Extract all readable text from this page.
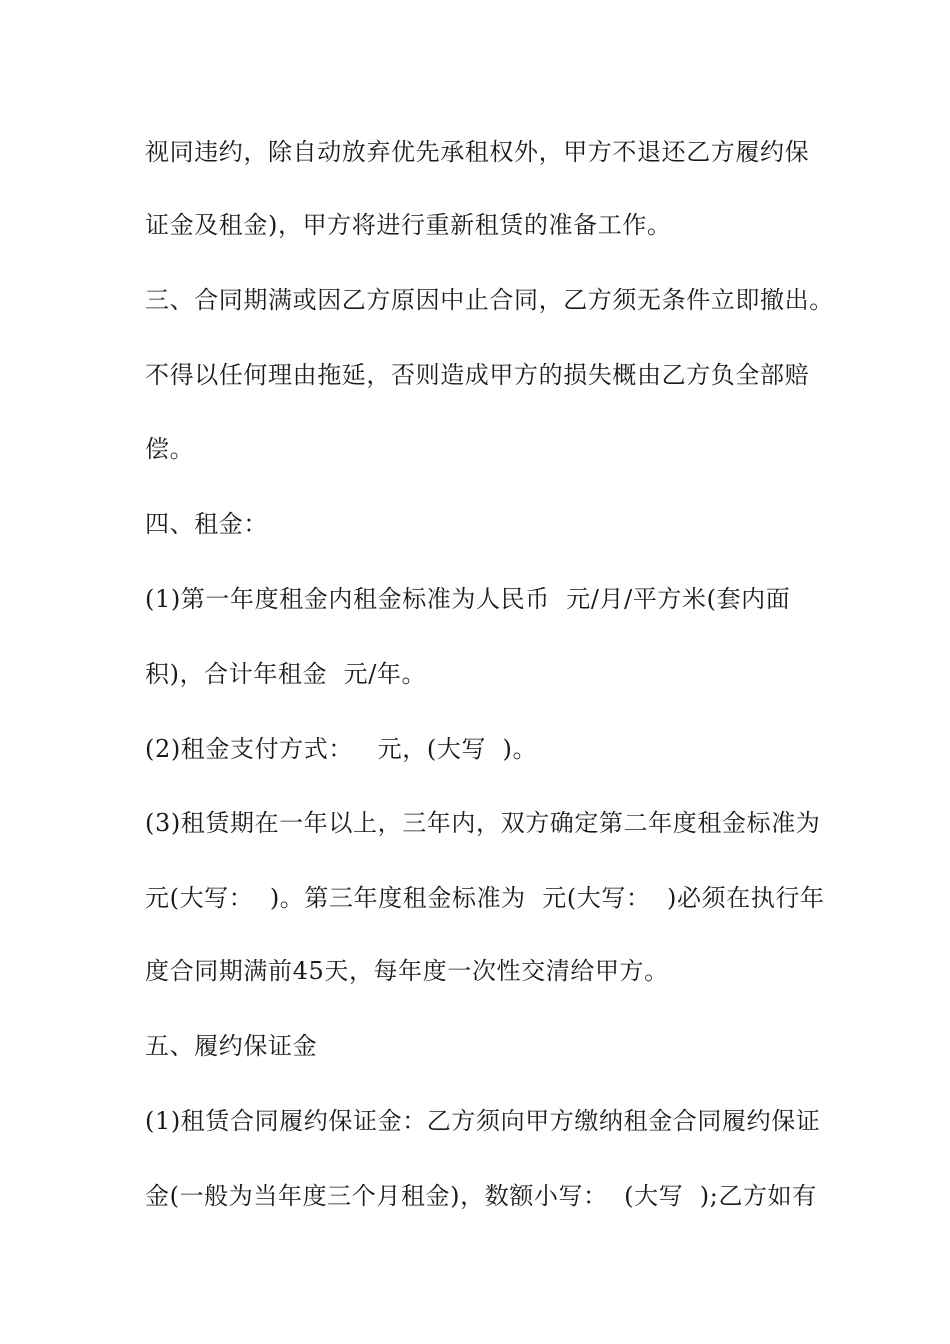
视同违约，除自动放弃优先承租权外，甲方不退还乙方履约保

证金及租金)，甲方将进行重新租赁的准备工作。

三、合同期满或因乙方原因中止合同，乙方须无条件立即撤出。

不得以任何理由拖延，否则造成甲方的损失概由乙方负全部赔

偿。

四、租金：

(1)第一年度租金内租金标准为人民币  元/月/平方米(套内面

积)，合计年租金  元/年。

(2)租金支付方式：   元，(大写  )。

(3)租赁期在一年以上，三年内，双方确定第二年度租金标准为

元(大写：  )。第三年度租金标准为  元(大写：  )必须在执行年

度合同期满前45天，每年度一次性交清给甲方。

五、履约保证金

(1)租赁合同履约保证金：乙方须向甲方缴纳租金合同履约保证

金(一般为当年度三个月租金)，数额小写：  (大写  );乙方如有
